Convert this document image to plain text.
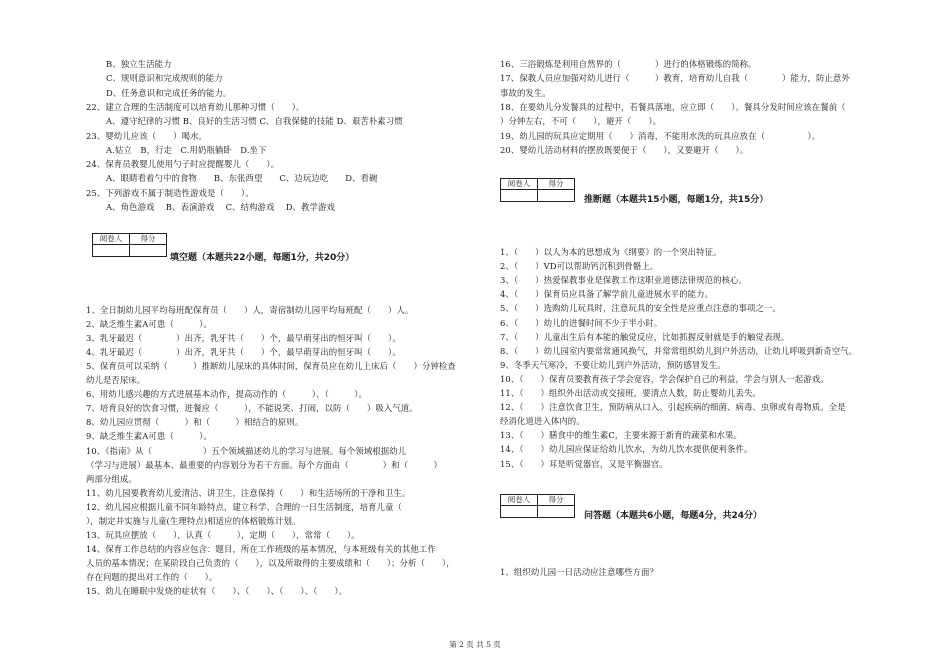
B、独立生活能力
C、规则意识和完成规则的能力
D、任务意识和完成任务的能力。
22、建立合理的生活制度可以培育幼儿那种习惯（　　）。
A、遵守纪律的习惯 B、良好的生活习惯 C、自我保健的技能 D、艰苦朴素习惯
23、婴幼儿应该（　　）喝水。
A.姑立　B，行走　C.用奶瓶躺卧　D.坐下
24、保育员教婴儿使用勺子时应提醒婴儿（　　）。
A、眼睛看着勺中的食物　　B、东张西望　　C、边玩边吃　　D、看碗
25、下列游戏不属于制造性游戏是（　　）。
A、角色游戏　 B、表演游戏　 C、结构游戏　 D、教学游戏
阅卷人	得分

填空题（本题共22小题，每题1分，共20分）
1、全日制幼儿园平均每班配保育员（　　）人，寄宿制幼儿园平均每班配（　　）人。
2、缺乏维生素A可患（　　　）。
3、乳牙最迟（　　　　）出齐，乳牙共（　　）个，最早萌芽出的恒牙叫（　　）。
4、乳牙最迟（　　　　）出齐，乳牙共（　　）个，最早萌芽出的恒牙叫（　　）。
5、保育员可以采纳（　　　）推断幼儿尿床的具体时间，保育员应在幼儿上床后（　　）分钟检查
幼儿是否尿床。
6、用幼儿感兴趣的方式进展基本动作，提高动作的（　　　）、（　　　）。
7、培育良好的饮食习惯，进餐应（　　　），不能说笑、打闹，以防（　　）吸入气道。
8、幼儿园应贯彻（　　　）和（　　　）相结合的原则。
9、缺乏维生素A可患（　　　）。
10、《指南》从（　　　　　　）五个领域描述幼儿的学习与进展。每个领域根据幼儿
（学习与进展）最基本、最重要的内容划分为若干方面。每个方面由（　　　　）和（　　　）
两部分组成。
11、幼儿园要教育幼儿爱清洁、讲卫生，注意保持（　　）和生活场所的干净和卫生。
12、幼儿园应根据儿童不同年龄特点，建立科学、合理的一日生活制度，培育儿童（　　
），制定并实施与儿童(生理特点)相适应的体格锻炼计划。
13、玩具应摆放（　　），认真（　　　），定期（　　），常常（　　）。
14、保育工作总结的内容应包含：题目，所在工作班级的基本情况，与本班级有关的其他工作
人员的基本情况；在某阶段自己负责的（　　），以及所取得的主要成绩和（　　）；分析（　　），
存在问题的提出对工作的（　　）。
15、幼儿在睡眠中发烧的症状有（　　）、（　　）、（　　）、（　　）。
16、三浴锻炼是利用自然界的（　　　　）进行的体格锻炼的简称。
17、保教人员应加强对幼儿进行（　　　）教育，培育幼儿自我（　　　　）能力，防止意外
事故的发生。
18、在要幼儿分发餐具的过程中，若餐具落地，应立即（　　）。餐具分发时间应该在餐前（　　
）分钟左右，不可（　　），避开（　　）。
19、幼儿园的玩具应定期用（　　）消毒，不能用水洗的玩具应放在（　　　　　）。
20、婴幼儿活动材料的摆放既要便于（　　），又要避开（　　）。
阅卷人	得分

推断题（本题共15小题，每题1分，共15分）
1、（　　）以人为本的思想成为《纲要》的一个突出特征。
2、（　　）VD可以帮助钙沉积到骨骼上。
3、（　　）热爱保教事业是保教工作这职业道德法律规范的核心。
4、（　　）保育员应具备了解学前儿童进展水平的能力。
5、（　　）选购幼儿玩具时，注意玩具的安全性是应重点注意的事项之一。
6、（　　）幼儿的进餐时间不少于半小时。
7、（　　）儿童出生后有本能的触觉反应，比如抓握反射就是手的触觉表现。
8、（　　）幼儿园室内要常常通风换气，并常常组织幼儿到户外活动，让幼儿呼吸到新奇空气。
9、冬季天气寒冷，不要让幼儿到户外活动，预防感冒发生。
10、（　　）保育员要教育孩子学会宽容，学会保护自己的利益，学会与别人一起游戏。
11、（　　）组织外出活动或交接班，要清点人数，防止婴幼儿丢失。
12、（　　）注意饮食卫生，预防病从口入。引起疾病的细菌、病毒、虫卵或有毒物质。全是
经消化道进入体内的。
13、（　　）膳食中的维生素C，主要来源于新育的蔬菜和水果。
14、（　　）幼儿园应保证给幼儿饮水，为幼儿饮水提供便利条件。
15、（　　）耳是听觉器官，又是平衡器官。
阅卷人	得分

问答题（本题共6小题，每题4分，共24分）
1、组织幼儿园一日活动应注意哪些方面？
第 2 页 共 5 页
